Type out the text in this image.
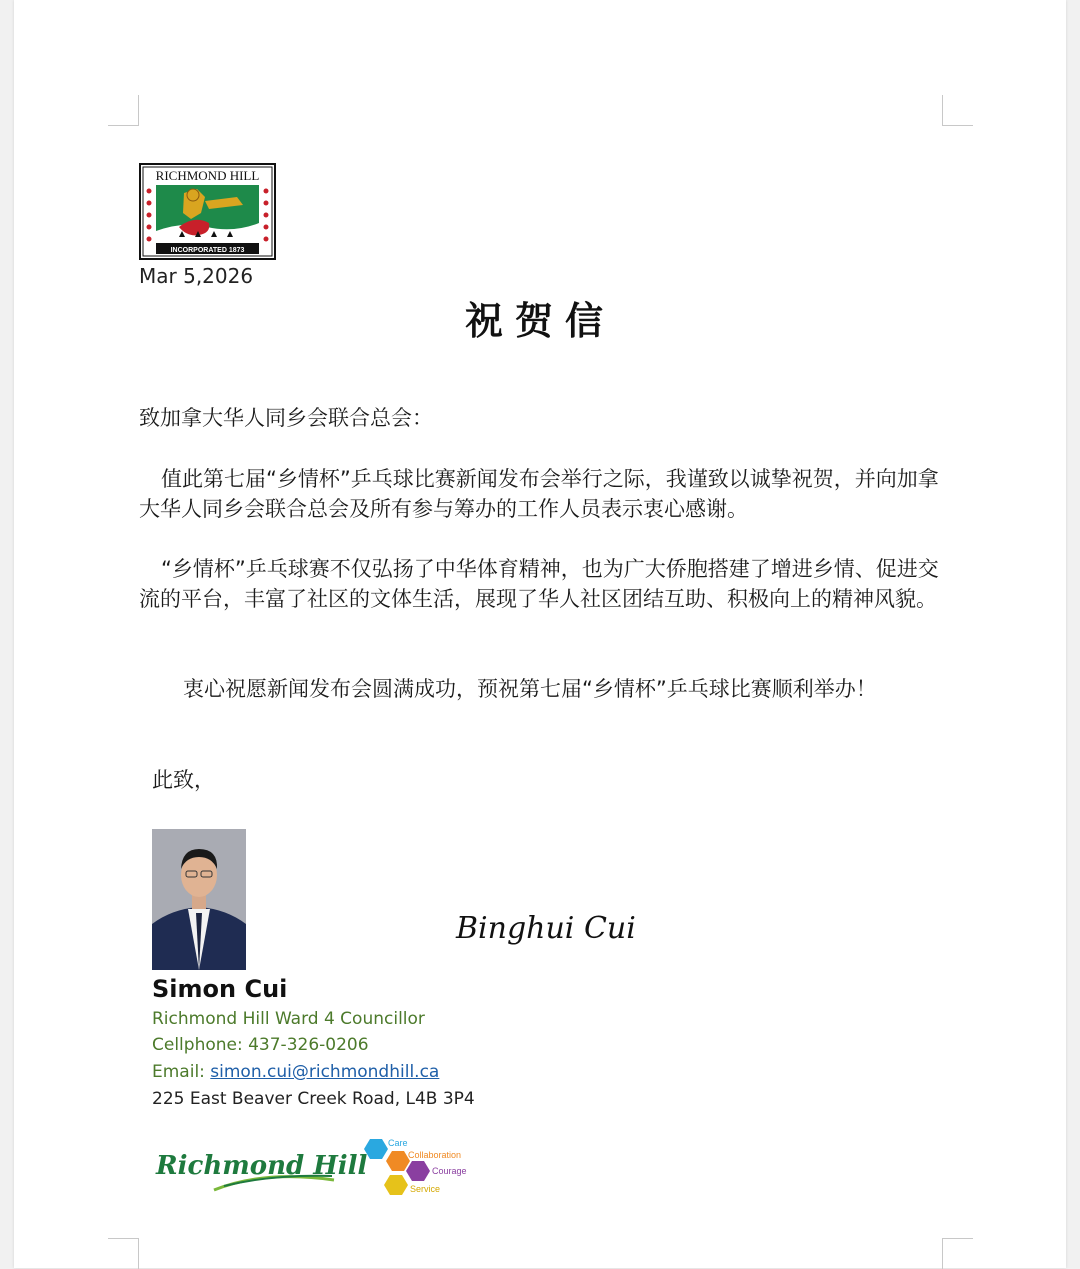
RICHMOND HILL
INCORPORATED 1873
Mar 5,2026
祝贺信
致加拿大华人同乡会联合总会：
值此第七届“乡情杯”乒乓球比赛新闻发布会举行之际，我谨致以诚挚祝贺，并向加拿大华人同乡会联合总会及所有参与筹办的工作人员表示衷心感谢。
“乡情杯”乒乓球赛不仅弘扬了中华体育精神，也为广大侨胞搭建了增进乡情、促进交流的平台，丰富了社区的文体生活，展现了华人社区团结互助、积极向上的精神风貌。
衷心祝愿新闻发布会圆满成功，预祝第七届“乡情杯”乒乓球比赛顺利举办！
此致，
Binghui Cui
Simon Cui
Richmond Hill Ward 4 Councillor
Cellphone: 437-326-0206
Email: simon.cui@richmondhill.ca
225 East Beaver Creek Road, L4B 3P4
Richmond Hill
Care
Collaboration
Courage
Service
